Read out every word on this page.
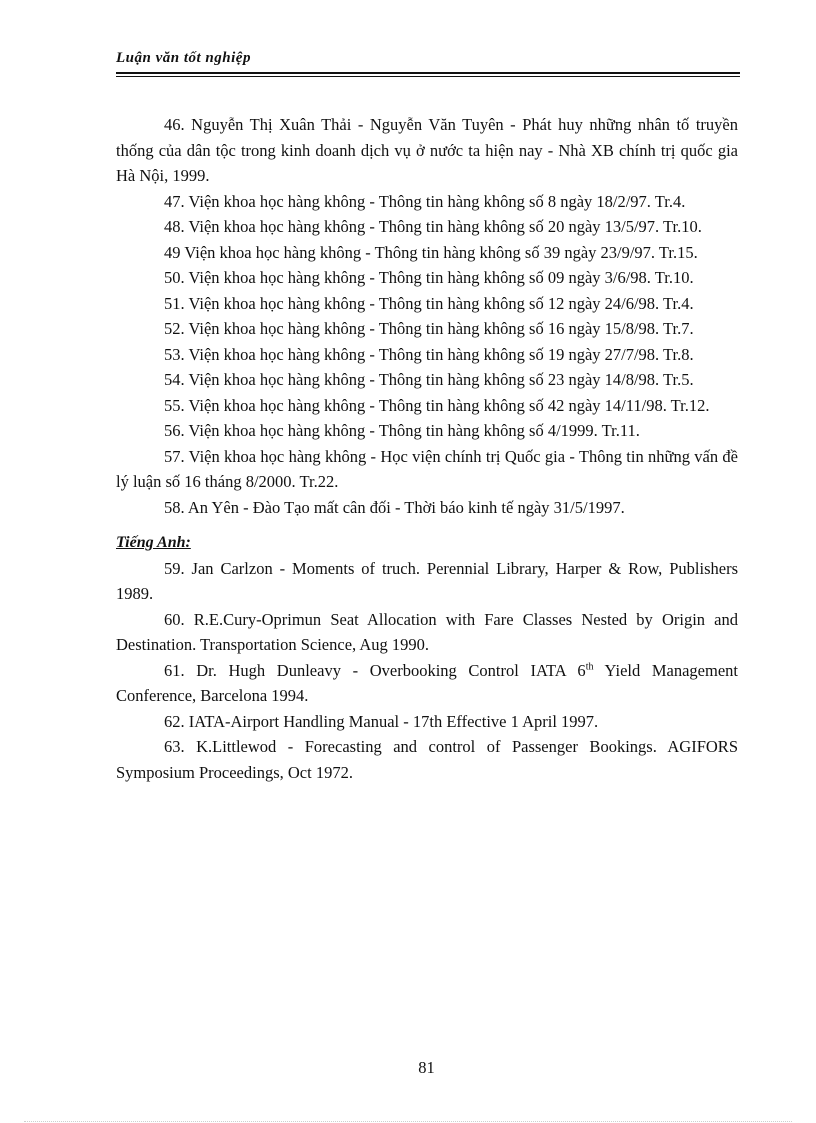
Luận văn tốt nghiệp

46. Nguyễn Thị Xuân Thải - Nguyễn Văn Tuyên - Phát huy những nhân tố truyền thống của dân tộc trong kinh doanh dịch vụ ở nước ta hiện nay - Nhà XB chính trị quốc gia Hà Nội, 1999.

47. Viện khoa học hàng không - Thông tin hàng không số 8 ngày 18/2/97. Tr.4.

48. Viện khoa học hàng không - Thông tin hàng không số 20 ngày 13/5/97. Tr.10.

49 Viện khoa học hàng không - Thông tin hàng không số 39 ngày 23/9/97. Tr.15.

50. Viện khoa học hàng không - Thông tin hàng không số 09 ngày 3/6/98. Tr.10.

51. Viện khoa học hàng không - Thông tin hàng không số 12 ngày 24/6/98. Tr.4.

52. Viện khoa học hàng không - Thông tin hàng không số 16 ngày 15/8/98. Tr.7.

53. Viện khoa học hàng không - Thông tin hàng không số 19 ngày 27/7/98. Tr.8.

54. Viện khoa học hàng không - Thông tin hàng không số 23 ngày 14/8/98. Tr.5.

55. Viện khoa học hàng không - Thông tin hàng không số 42 ngày 14/11/98. Tr.12.

56. Viện khoa học hàng không - Thông tin hàng không số 4/1999. Tr.11.

57. Viện khoa học hàng không - Học viện chính trị Quốc gia - Thông tin những vấn đề lý luận số 16 tháng 8/2000. Tr.22.

58. An Yên - Đào Tạo mất cân đối - Thời báo kinh tế ngày 31/5/1997.

Tiếng Anh:

59. Jan Carlzon - Moments of truch. Perennial Library, Harper & Row, Publishers 1989.

60. R.E.Cury-Oprimun Seat Allocation with Fare Classes Nested by Origin and Destination. Transportation Science, Aug 1990.

61. Dr. Hugh Dunleavy - Overbooking Control IATA 6th Yield Management Conference, Barcelona 1994.

62. IATA-Airport Handling Manual - 17th Effective 1 April 1997.

63. K.Littlewod - Forecasting and control of Passenger Bookings. AGIFORS Symposium Proceedings, Oct 1972.

81
